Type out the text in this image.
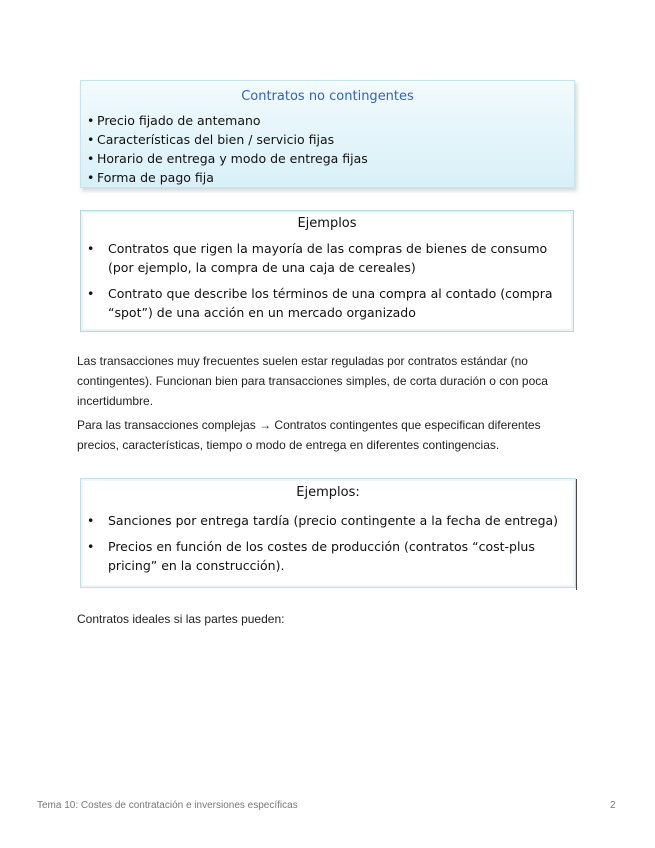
Contratos no contingentes
• Precio fijado de antemano
• Características del bien / servicio fijas
• Horario de entrega y modo de entrega fijas
• Forma de pago fija
Ejemplos
• Contratos que rigen la mayoría de las compras de bienes de consumo (por ejemplo, la compra de una caja de cereales)
• Contrato que describe los términos de una compra al contado (compra “spot”) de una acción en un mercado organizado
Las transacciones muy frecuentes suelen estar reguladas por contratos estándar (no contingentes). Funcionan bien para transacciones simples, de corta duración o con poca incertidumbre.
Para las transacciones complejas → Contratos contingentes que especifican diferentes precios, características, tiempo o modo de entrega en diferentes contingencias.
Ejemplos:
• Sanciones por entrega tardía (precio contingente a la fecha de entrega)
• Precios en función de los costes de producción (contratos “cost-plus pricing” en la construcción).
Contratos ideales si las partes pueden:
Tema 10: Costes de contratación e inversiones específicas	2
